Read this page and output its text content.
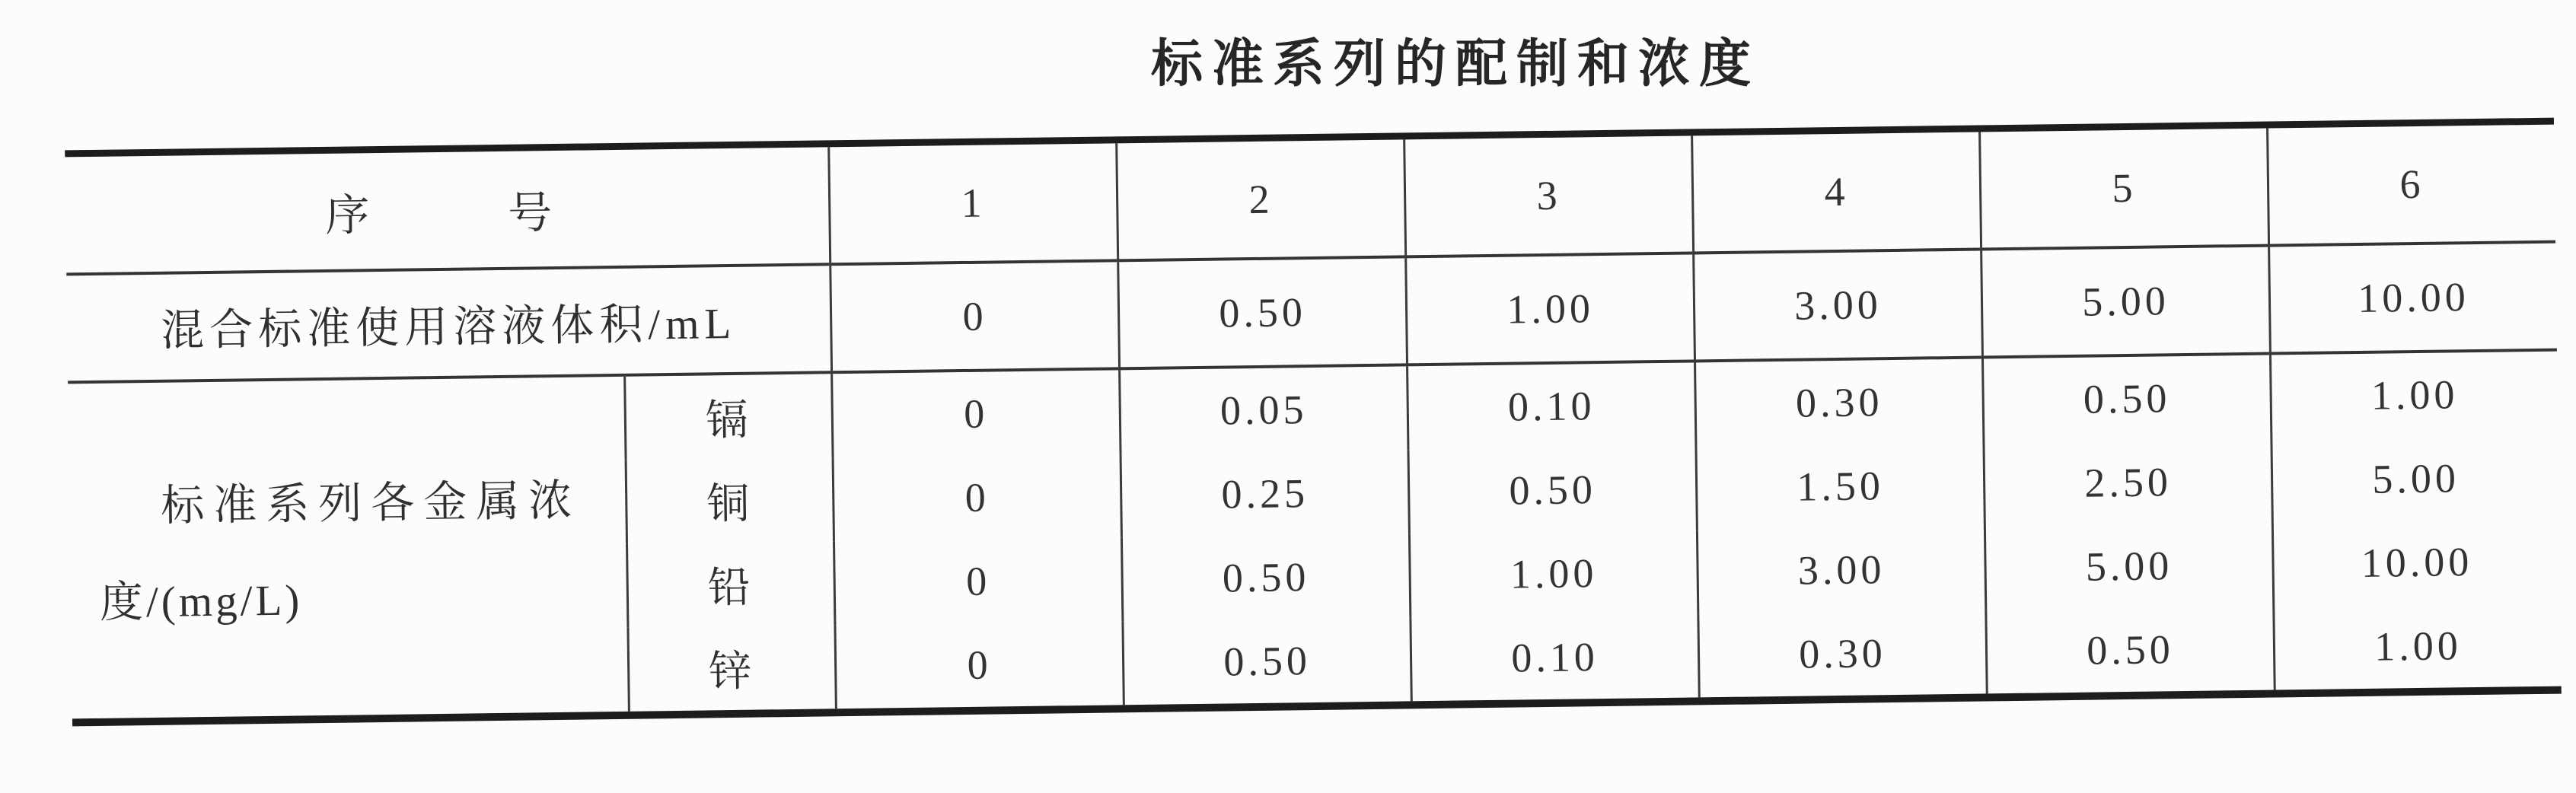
标准系列的配制和浓度
序　　号	1	2	3	4	5	6
混合标准使用溶液体积/mL	0	0.50	1.00	3.00	5.00	10.00
标准系列各金属浓
度/(mg/L)
镉	0	0.05	0.10	0.30	0.50	1.00
铜	0	0.25	0.50	1.50	2.50	5.00
铅	0	0.50	1.00	3.00	5.00	10.00
锌	0	0.50	0.10	0.30	0.50	1.00
